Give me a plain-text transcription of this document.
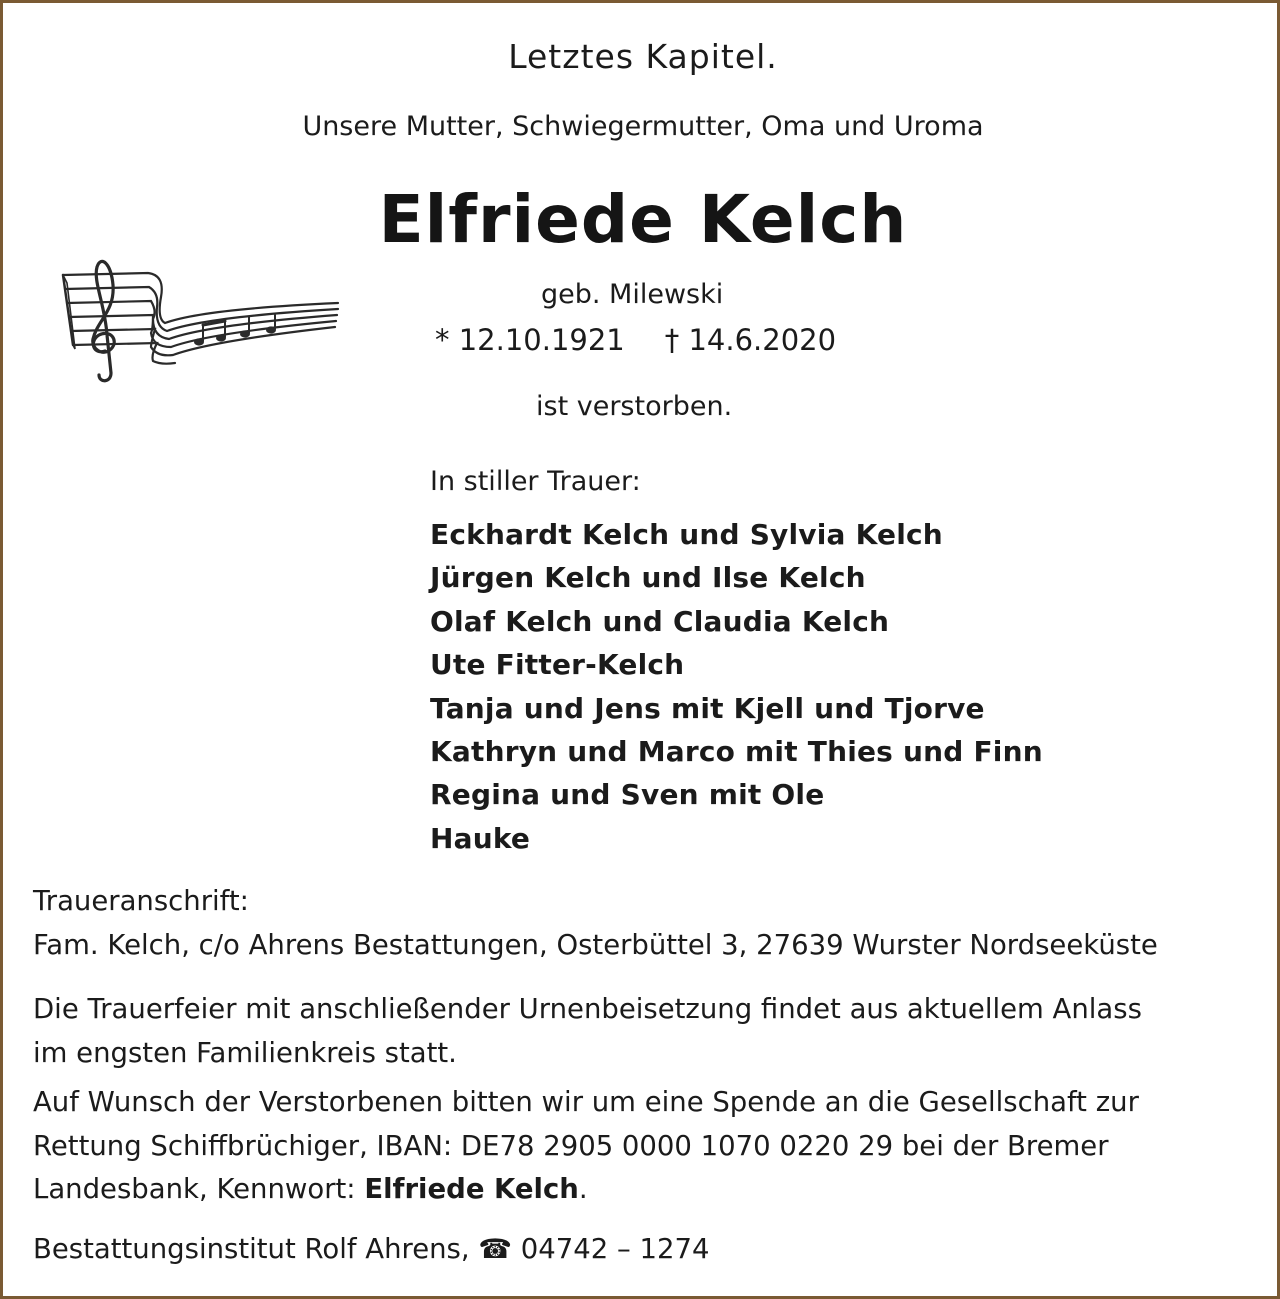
Letztes Kapitel.
Unsere Mutter, Schwiegermutter, Oma und Uroma
Elfriede Kelch
geb. Milewski
* 12.10.1921 † 14.6.2020
ist verstorben.
In stiller Trauer:
Eckhardt Kelch und Sylvia Kelch
Jürgen Kelch und Ilse Kelch
Olaf Kelch und Claudia Kelch
Ute Fitter-Kelch
Tanja und Jens mit Kjell und Tjorve
Kathryn und Marco mit Thies und Finn
Regina und Sven mit Ole
Hauke
Traueranschrift:
Fam. Kelch, c/o Ahrens Bestattungen, Osterbüttel 3, 27639 Wurster Nordseeküste
Die Trauerfeier mit anschließender Urnenbeisetzung findet aus aktuellem Anlass
im engsten Familienkreis statt.
Auf Wunsch der Verstorbenen bitten wir um eine Spende an die Gesellschaft zur
Rettung Schiffbrüchiger, IBAN: DE78 2905 0000 1070 0220 29 bei der Bremer
Landesbank, Kennwort: Elfriede Kelch.
Bestattungsinstitut Rolf Ahrens, ☎ 04742 – 1274
